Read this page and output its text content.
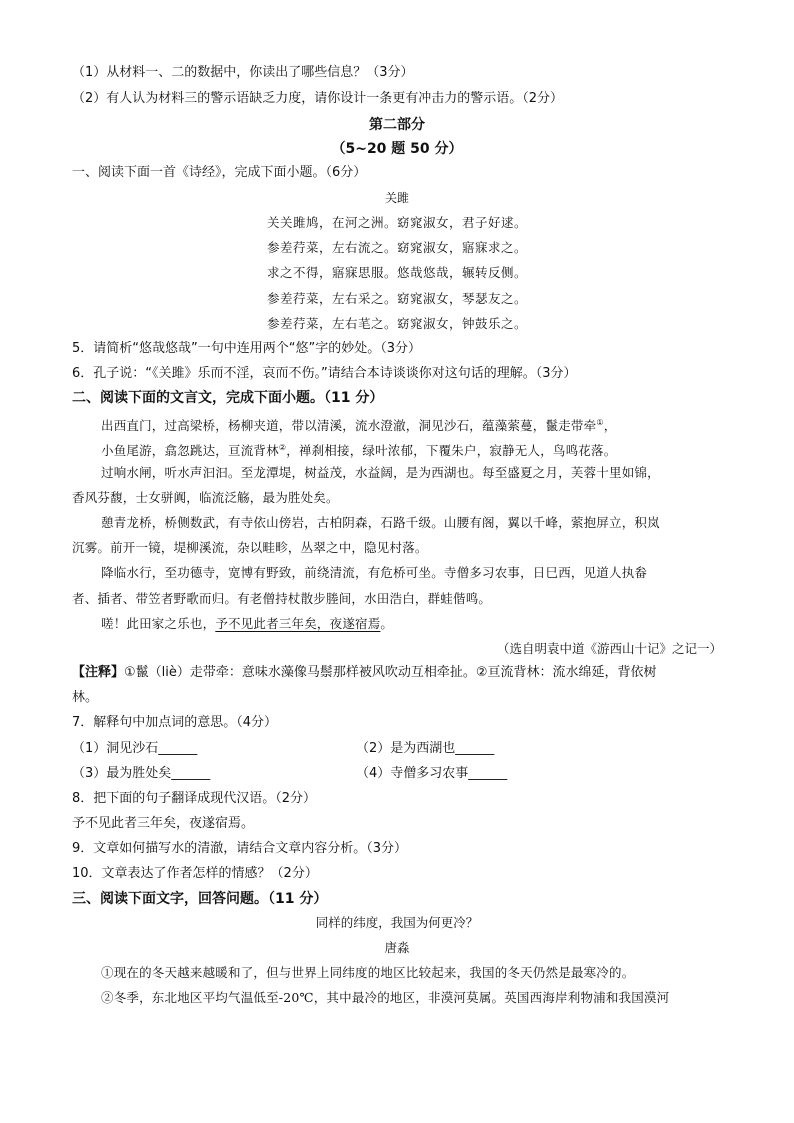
（1）从材料一、二的数据中，你读出了哪些信息？（3分）
（2）有人认为材料三的警示语缺乏力度，请你设计一条更有冲击力的警示语。（2分）
第二部分
（5~20 题 50 分）
一、阅读下面一首《诗经》，完成下面小题。（6分）
关雎
关关雎鸠，在河之洲。窈窕淑女，君子好逑。
参差荇菜，左右流之。窈窕淑女，寤寐求之。
求之不得，寤寐思服。悠哉悠哉，辗转反侧。
参差荇菜，左右采之。窈窕淑女，琴瑟友之。
参差荇菜，左右芼之。窈窕淑女，钟鼓乐之。
5．请简析“悠哉悠哉”一句中连用两个“悠”字的妙处。（3分）
6．孔子说：“《关雎》乐而不淫，哀而不伤。”请结合本诗谈谈你对这句话的理解。（3分）
二、阅读下面的文言文，完成下面小题。（11 分）
出西直门，过高梁桥，杨柳夹道，带以清溪，流水澄澈，洞见沙石，蕴藻萦蔓，鬣走带牵①，
小鱼尾游，翕忽跳达，亘流背林②，禅刹相接，绿叶浓郁，下覆朱户，寂静无人，鸟鸣花落。
过响水闸，听水声汩汩。至龙潭堤，树益茂，水益阔，是为西湖也。每至盛夏之月，芙蓉十里如锦，
香风芬馥，士女骈阗，临流泛觞，最为胜处矣。
憩青龙桥，桥侧数武，有寺依山傍岩，古柏阴森，石路千级。山腰有阁，翼以千峰，萦抱屏立，积岚
沉雾。前开一镜，堤柳溪流，杂以畦畛，丛翠之中，隐见村落。
降临水行，至功德寺，宽博有野致，前绕清流，有危桥可坐。寺僧多习农事，日巳西，见道人执畚
者、插者、带笠者野歌而归。有老僧持杖散步塍间，水田浩白，群蛙偕鸣。
嗟！此田家之乐也，予不见此者三年矣，夜遂宿焉。
（选自明袁中道《游西山十记》之记一）
【注释】①鬣（liè）走带牵：意味水藻像马鬃那样被风吹动互相牵扯。②亘流背林：流水绵延，背依树
林。
7．解释句中加点词的意思。（4分）
（1）洞见沙石______	（2）是为西湖也______
（3）最为胜处矣______	（4）寺僧多习农事______
8．把下面的句子翻译成现代汉语。（2分）
予不见此者三年矣，夜遂宿焉。
9．文章如何描写水的清澈，请结合文章内容分析。（3分）
10．文章表达了作者怎样的情感？（2分）
三、阅读下面文字，回答问题。（11 分）
同样的纬度，我国为何更冷？
唐淼
①现在的冬天越来越暖和了，但与世界上同纬度的地区比较起来，我国的冬天仍然是最寒冷的。
②冬季，东北地区平均气温低至-20℃，其中最冷的地区，非漠河莫属。英国西海岸利物浦和我国漠河
